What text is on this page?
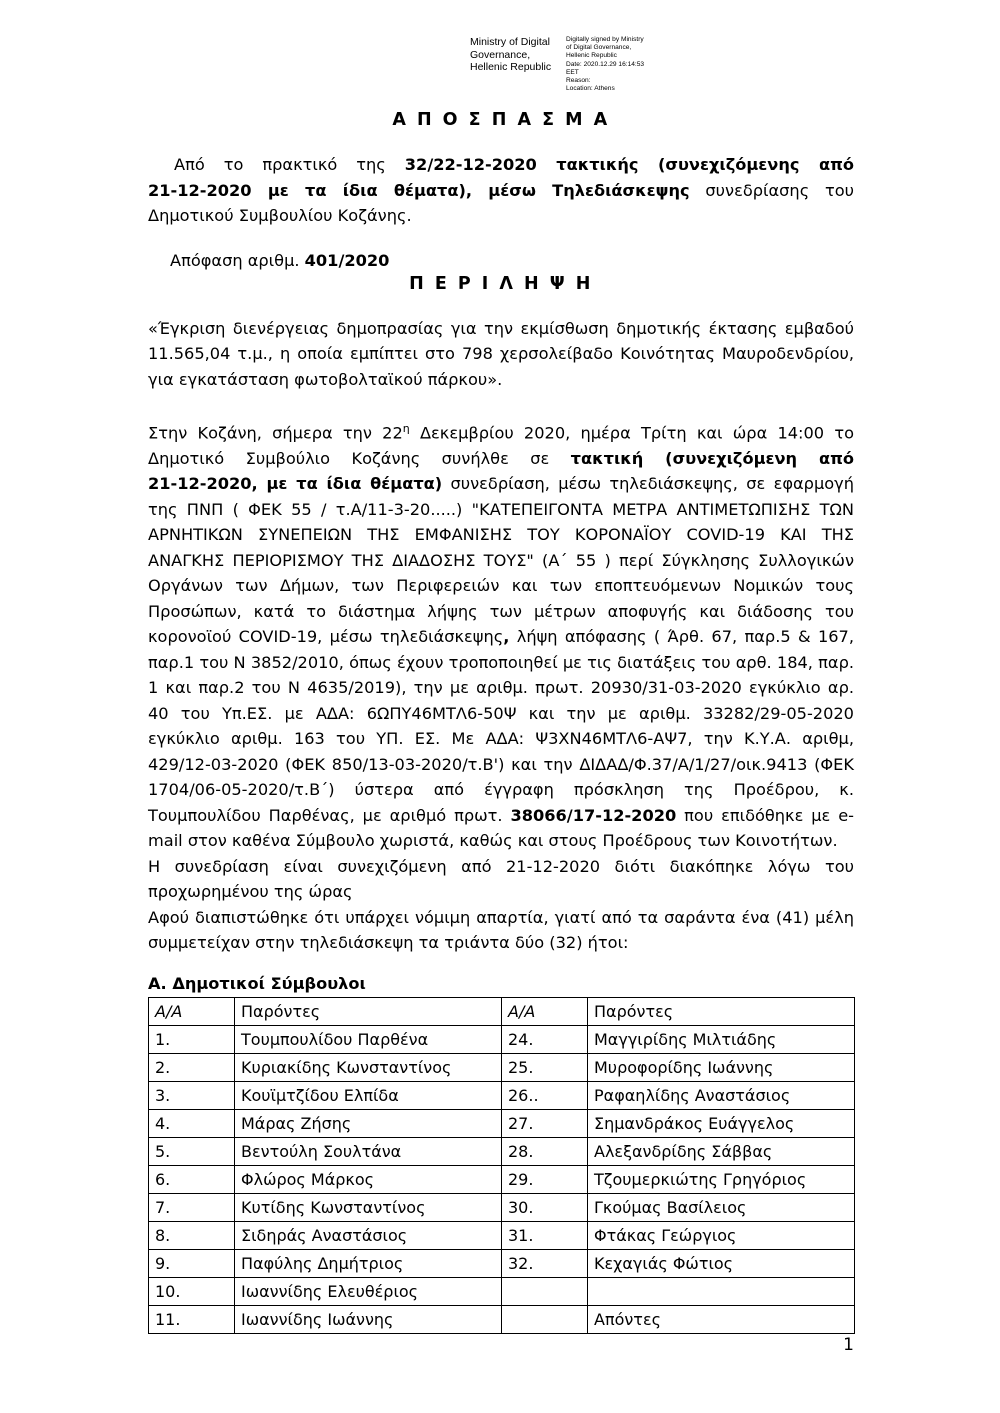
Ministry of Digital
Governance,
Hellenic Republic
Digitally signed by Ministry
of Digital Governance,
Hellenic Republic
Date: 2020.12.29 16:14:53
EET
Reason:
Location: Athens
Α Π Ο Σ Π Α Σ Μ Α

Από το πρακτικό της 32/22‑12‑2020 τακτικής (συνεχιζόμενης από 21‑12‑2020 με τα ίδια θέματα), μέσω Τηλεδιάσκεψης συνεδρίασης του Δημοτικού Συμβουλίου Κοζάνης.

Απόφαση αριθμ. 401/2020
Π Ε Ρ Ι Λ Η Ψ Η

«Έγκριση διενέργειας δημοπρασίας για την εκμίσθωση δημοτικής έκτασης εμβαδού 11.565,04 τ.μ., η οποία εμπίπτει στο 798 χερσολείβαδο Κοινότητας Μαυροδενδρίου, για εγκατάσταση φωτοβολταϊκού πάρκου».

Στην Κοζάνη, σήμερα την $22^\eta$ Δεκεμβρίου 2020, ημέρα Τρίτη και ώρα 14:00 το Δημοτικό Συμβούλιο Κοζάνης συνήλθε σε τακτική (συνεχιζόμενη από 21‑12‑2020, με τα ίδια θέματα) συνεδρίαση, μέσω τηλεδιάσκεψης, σε εφαρμογή της ΠΝΠ ( ΦΕΚ 55 / τ.Α/11‑3‑20.....) "ΚΑΤΕΠΕΙΓΟΝΤΑ ΜΕΤΡΑ ΑΝΤΙΜΕΤΩΠΙΣΗΣ ΤΩΝ ΑΡΝΗΤΙΚΩΝ ΣΥΝΕΠΕΙΩΝ ΤΗΣ ΕΜΦΑΝΙΣΗΣ ΤΟΥ ΚΟΡΟΝΑΪΟΥ COVID‑19 ΚΑΙ ΤΗΣ ΑΝΑΓΚΗΣ ΠΕΡΙΟΡΙΣΜΟΥ ΤΗΣ ΔΙΑΔΟΣΗΣ ΤΟΥΣ" (Α΄ 55 ) περί Σύγκλησης Συλλογικών Οργάνων των Δήμων, των Περιφερειών και των εποπτευόμενων Νομικών τους Προσώπων, κατά το διάστημα λήψης των μέτρων αποφυγής και διάδοσης του κορονοϊού COVID‑19, μέσω τηλεδιάσκεψης, λήψη απόφασης ( Άρθ. 67, παρ.5 & 167, παρ.1 του Ν 3852/2010, όπως έχουν τροποποιηθεί με τις διατάξεις του αρθ. 184, παρ. 1 και παρ.2 του Ν 4635/2019), την με αριθμ. πρωτ. 20930/31‑03‑2020 εγκύκλιο αρ. 40 του Υπ.ΕΣ. με ΑΔΑ: 6ΩΠΥ46ΜΤΛ6‑50Ψ και την με αριθμ. 33282/29‑05‑2020 εγκύκλιο αριθμ. 163 του ΥΠ. ΕΣ. Με ΑΔΑ: Ψ3ΧΝ46ΜΤΛ6‑ΑΨ7, την Κ.Υ.Α. αριθμ, 429/12‑03‑2020 (ΦΕΚ 850/13‑03‑2020/τ.Β') και την ΔΙΔΑΔ/Φ.37/Α/1/27/οικ.9413 (ΦΕΚ 1704/06‑05‑2020/τ.Β΄) ύστερα από έγγραφη πρόσκληση της Προέδρου, κ. Τουμπουλίδου Παρθένας, με αριθμό πρωτ. 38066/17‑12‑2020 που επιδόθηκε με e-mail στον καθένα Σύμβουλο χωριστά, καθώς και στους Προέδρους των Κοινοτήτων.

Η συνεδρίαση είναι συνεχιζόμενη από 21‑12‑2020 διότι διακόπηκε λόγω του προχωρημένου της ώρας

Αφού διαπιστώθηκε ότι υπάρχει νόμιμη απαρτία, γιατί από τα σαράντα ένα (41) μέλη συμμετείχαν στην τηλεδιάσκεψη τα τριάντα δύο (32) ήτοι:

Α. Δημοτικοί Σύμβουλοι
A/A	Παρόντες	A/A	Παρόντες
1.	Τουμπουλίδου Παρθένα	24.	Μαγγιρίδης Μιλτιάδης
2.	Κυριακίδης Κωνσταντίνος	25.	Μυροφορίδης Ιωάννης
3.	Κουϊμτζίδου Ελπίδα	26..	Ραφαηλίδης Αναστάσιος
4.	Μάρας Ζήσης	27.	Σημανδράκος Ευάγγελος
5.	Βεντούλη Σουλτάνα	28.	Αλεξανδρίδης Σάββας
6.	Φλώρος Μάρκος	29.	Τζουμερκιώτης Γρηγόριος
7.	Κυτίδης Κωνσταντίνος	30.	Γκούμας Βασίλειος
8.	Σιδηράς Αναστάσιος	31.	Φτάκας Γεώργιος
9.	Παφύλης Δημήτριος	32.	Κεχαγιάς Φώτιος
10.	Ιωαννίδης Ελευθέριος		
11.	Ιωαννίδης Ιωάννης		Απόντες
1
